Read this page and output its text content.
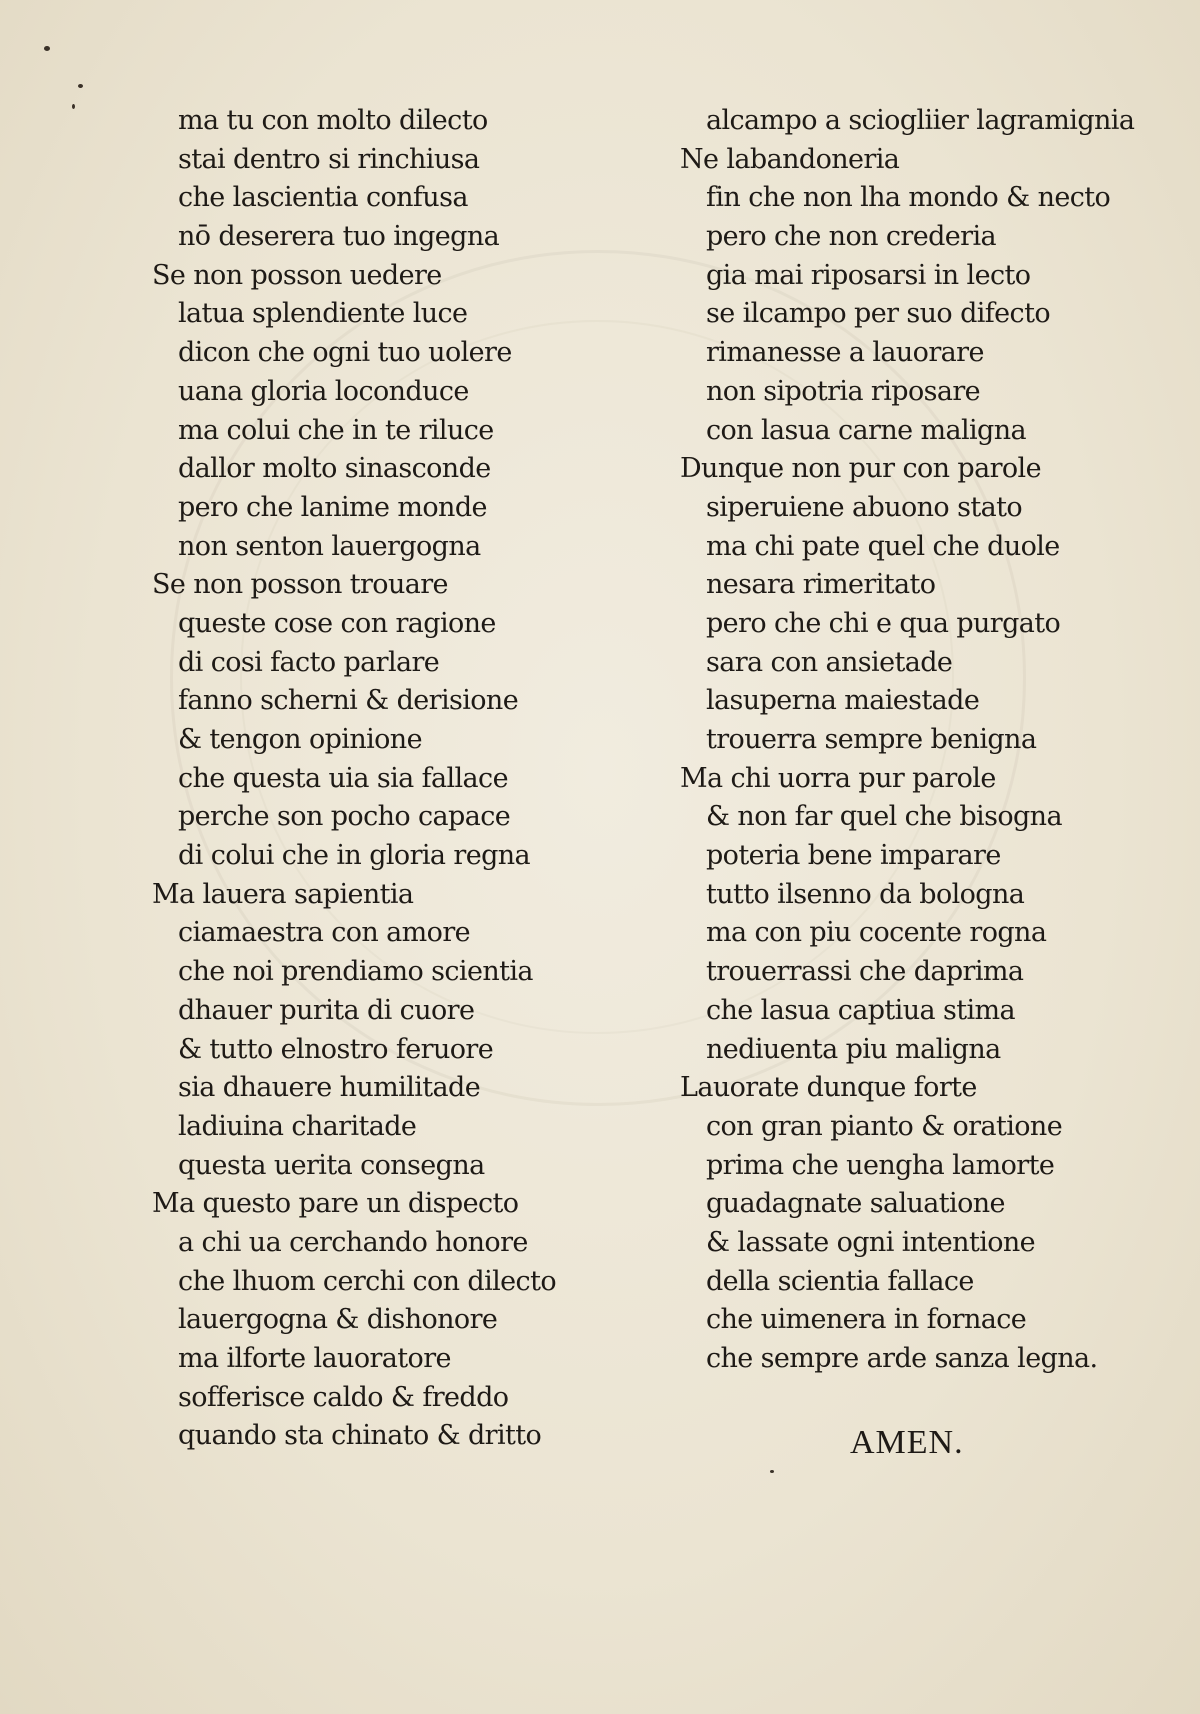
ma tu con molto dilecto
stai dentro si rinchiusa
che lascientia confusa
nō deserera tuo ingegna
Se non posson uedere
latua splendiente luce
dicon che ogni tuo uolere
uana gloria loconduce
ma colui che in te riluce
dallor molto sinasconde
pero che lanime monde
non senton lauergogna
Se non posson trouare
queste cose con ragione
di cosi facto parlare
fanno scherni & derisione
& tengon opinione
che questa uia sia fallace
perche son pocho capace
di colui che in gloria regna
Ma lauera sapientia
ciamaestra con amore
che noi prendiamo scientia
dhauer purita di cuore
& tutto elnostro feruore
sia dhauere humilitade
ladiuina charitade
questa uerita consegna
Ma questo pare un dispecto
a chi ua cerchando honore
che lhuom cerchi con dilecto
lauergogna & dishonore
ma ilforte lauoratore
sofferisce caldo & freddo
quando sta chinato & dritto
alcampo a sciogliier lagramignia
Ne labandoneria
fin che non lha mondo & necto
pero che non crederia
gia mai riposarsi in lecto
se ilcampo per suo difecto
rimanesse a lauorare
non sipotria riposare
con lasua carne maligna
Dunque non pur con parole
siperuiene abuono stato
ma chi pate quel che duole
nesara rimeritato
pero che chi e qua purgato
sara con ansietade
lasuperna maiestade
trouerra sempre benigna
Ma chi uorra pur parole
& non far quel che bisogna
poteria bene imparare
tutto ilsenno da bologna
ma con piu cocente rogna
trouerrassi che daprima
che lasua captiua stima
nediuenta piu maligna
Lauorate dunque forte
con gran pianto & oratione
prima che uengha lamorte
guadagnate saluatione
& lassate ogni intentione
della scientia fallace
che uimenera in fornace
che sempre arde sanza legna.
AMEN.
